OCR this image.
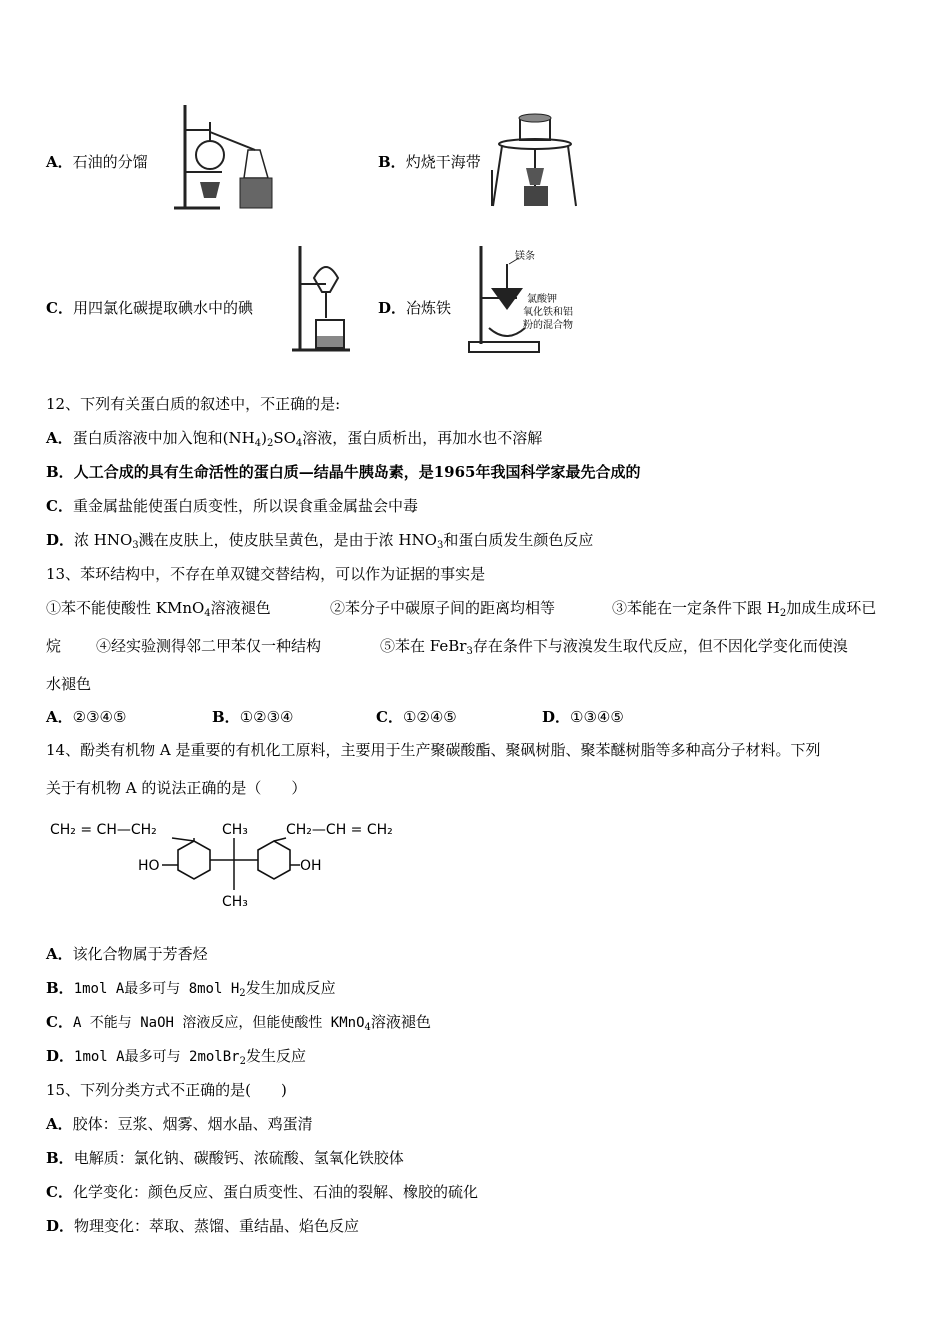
A．石油的分馏	B．灼烧干海带
C．用四氯化碳提取碘水中的碘	D．冶炼铁
镁条
氯酸钾
氧化铁和铝
粉的混合物
12、下列有关蛋白质的叙述中，不正确的是:
A．蛋白质溶液中加入饱和$(NH_4)_2SO_4$溶液，蛋白质析出，再加水也不溶解
B．人工合成的具有生命活性的蛋白质—结晶牛胰岛素，是1965年我国科学家最先合成的
C．重金属盐能使蛋白质变性，所以误食重金属盐会中毒
D．浓 $HNO_3$溅在皮肤上，使皮肤呈黄色，是由于浓 $HNO_3$和蛋白质发生颜色反应
13、苯环结构中，不存在单双键交替结构，可以作为证据的事实是
①苯不能使酸性 KMnO$_4$溶液褪色	②苯分子中碳原子间的距离均相等	③苯能在一定条件下跟 $H_2$加成生成环已
烷 ④经实验测得邻二甲苯仅一种结构	⑤苯在 FeBr$_3$存在条件下与液溴发生取代反应，但不因化学变化而使溴
水褪色
A．②③④⑤	B．①②③④	C．①②④⑤	D．①③④⑤
14、酚类有机物 A 是重要的有机化工原料，主要用于生产聚碳酸酯、聚砜树脂、聚苯醚树脂等多种高分子材料。下列
关于有机物 A 的说法正确的是（　　）
CH₂ = CH—CH₂	CH₃	CH₂—CH = CH₂
HO	OH
CH₃
A．该化合物属于芳香烃
B．1mol A最多可与 8mol $H_2$发生加成反应
C．A 不能与 NaOH 溶液反应，但能使酸性 KMnO$_4$溶液褪色
D．1mol A最多可与 2molBr$_2$发生反应
15、下列分类方式不正确的是(　　)
A．胶体：豆浆、烟雾、烟水晶、鸡蛋清
B．电解质：氯化钠、碳酸钙、浓硫酸、氢氧化铁胶体
C．化学变化：颜色反应、蛋白质变性、石油的裂解、橡胶的硫化
D．物理变化：萃取、蒸馏、重结晶、焰色反应
